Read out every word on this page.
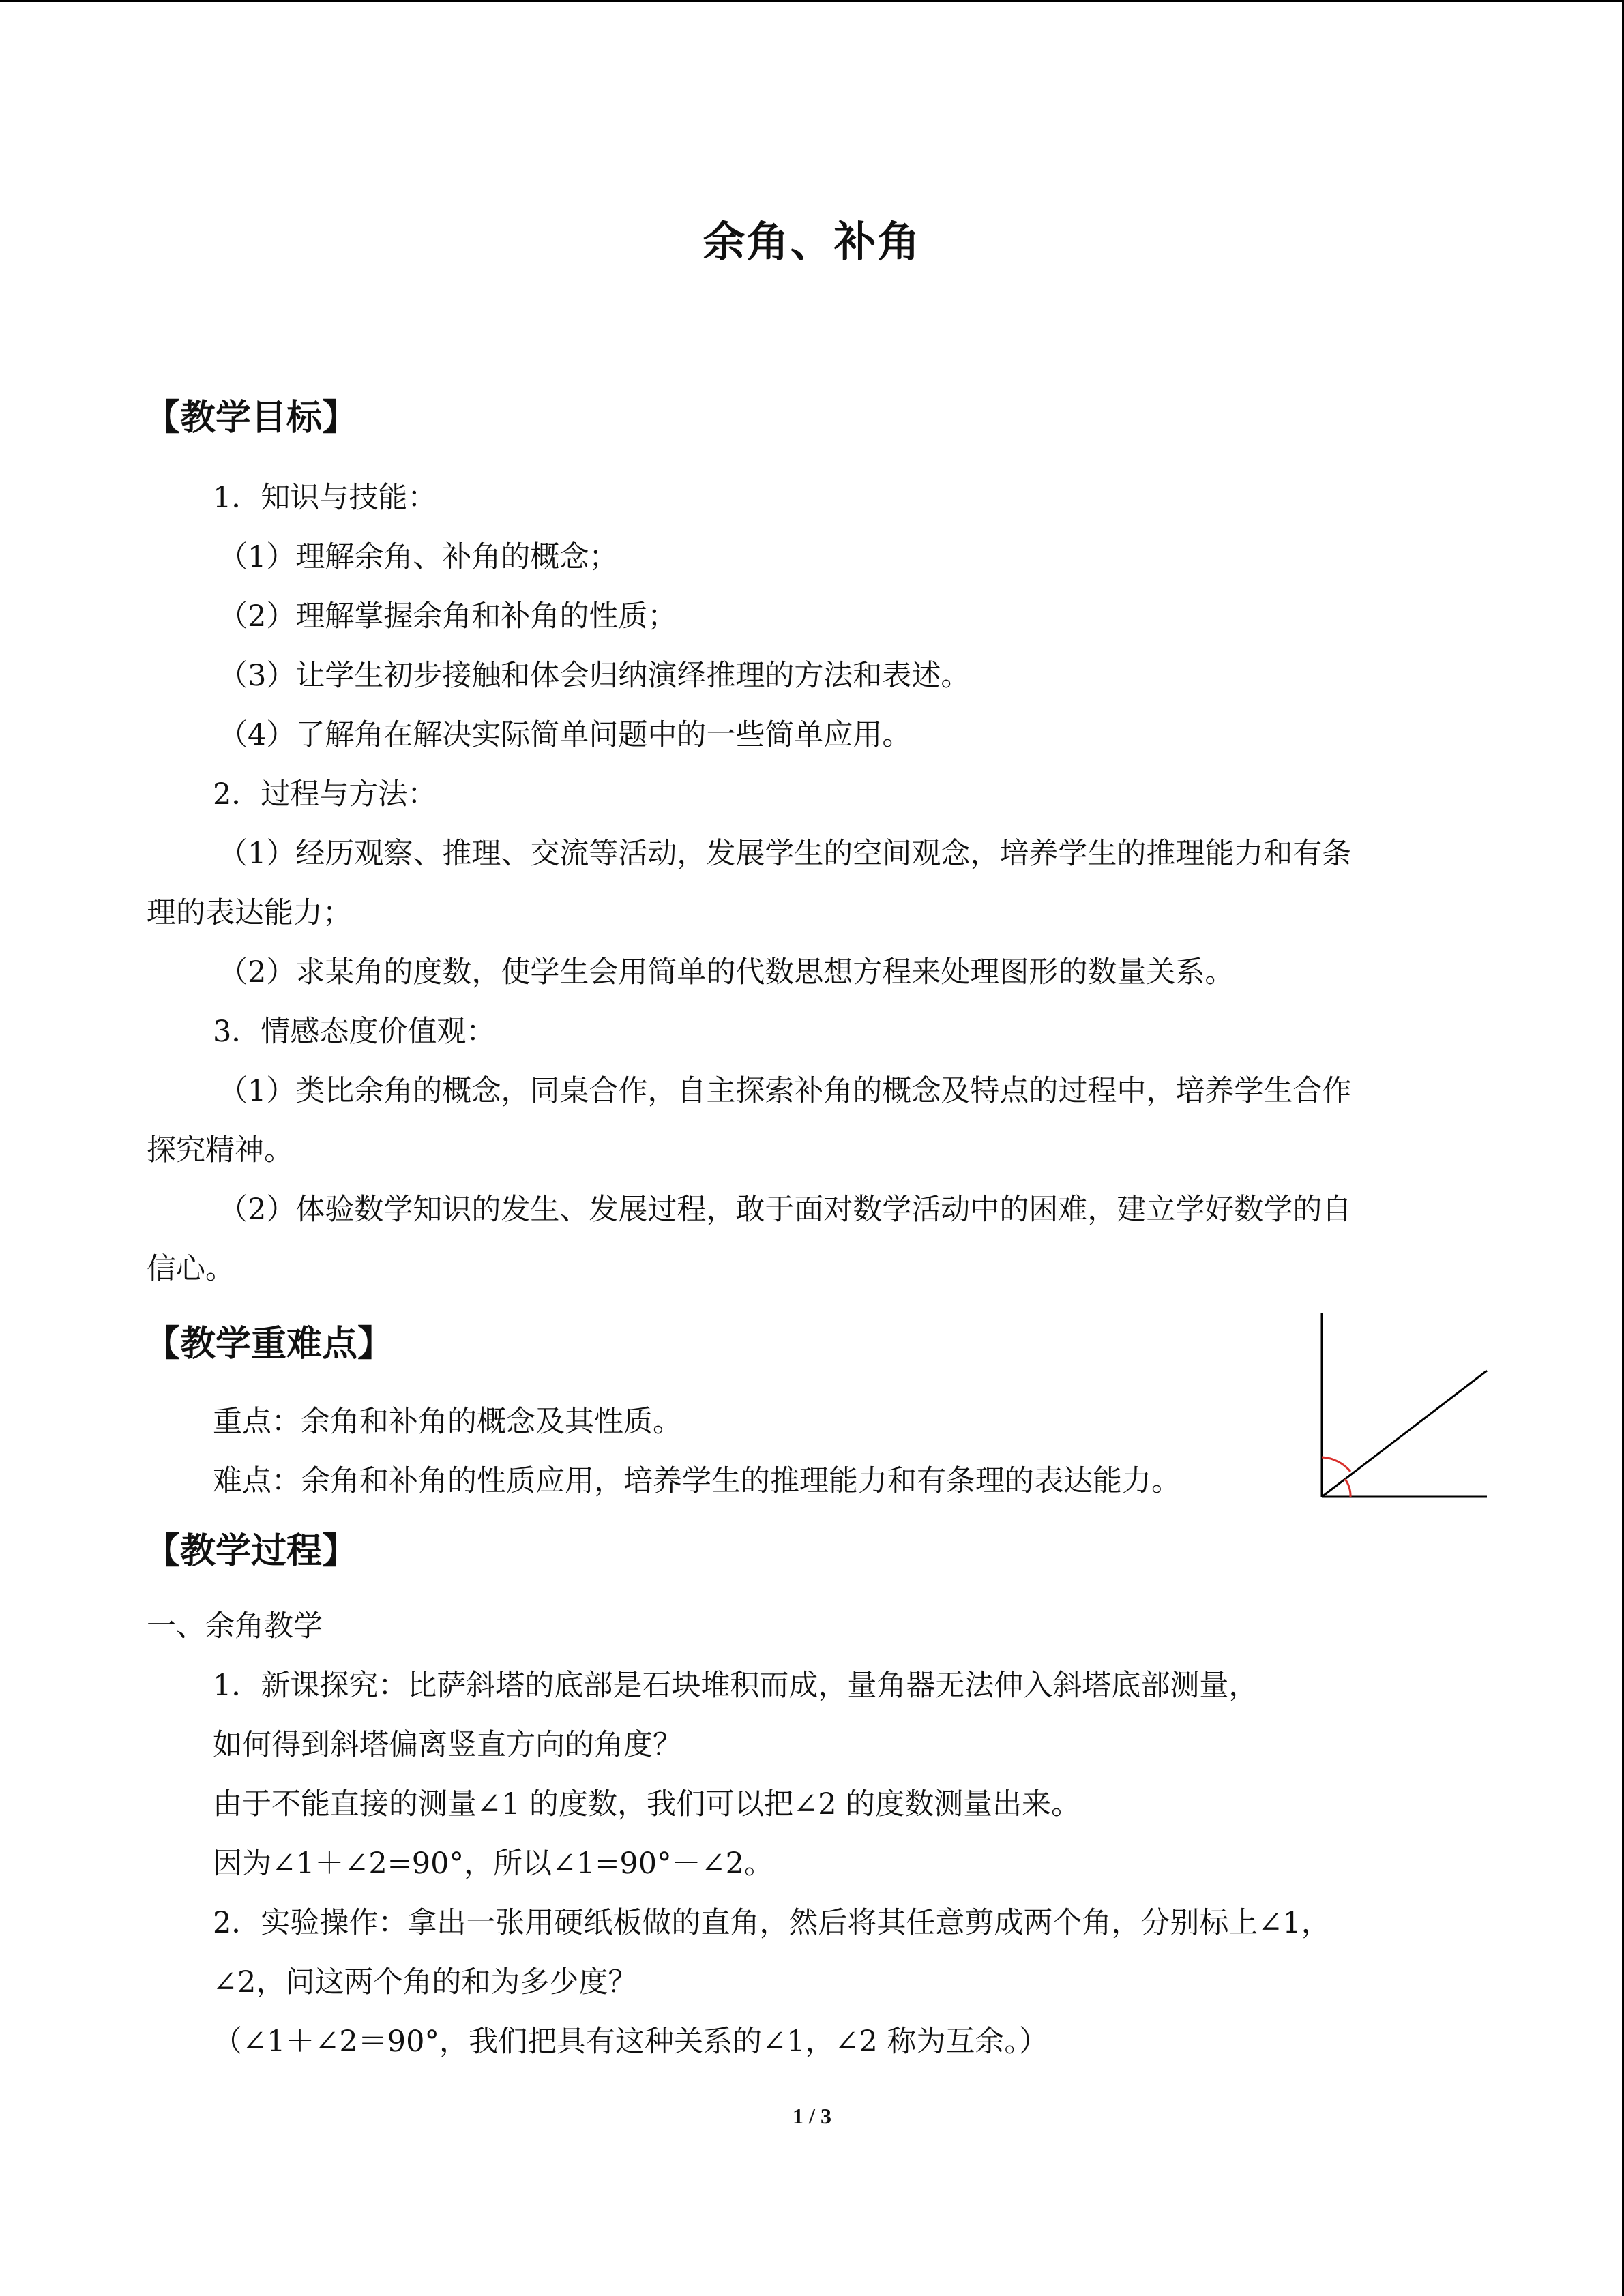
余角、补角
【教学目标】
1．知识与技能：
（1）理解余角、补角的概念；
（2）理解掌握余角和补角的性质；
（3）让学生初步接触和体会归纳演绎推理的方法和表述。
（4）了解角在解决实际简单问题中的一些简单应用。
2．过程与方法：
（1）经历观察、推理、交流等活动，发展学生的空间观念，培养学生的推理能力和有条
理的表达能力；
（2）求某角的度数，使学生会用简单的代数思想方程来处理图形的数量关系。
3．情感态度价值观：
（1）类比余角的概念，同桌合作，自主探索补角的概念及特点的过程中，培养学生合作
探究精神。
（2）体验数学知识的发生、发展过程，敢于面对数学活动中的困难，建立学好数学的自
信心。
【教学重难点】
重点：余角和补角的概念及其性质。
难点：余角和补角的性质应用，培养学生的推理能力和有条理的表达能力。
【教学过程】
一、余角教学
1．新课探究：比萨斜塔的底部是石块堆积而成，量角器无法伸入斜塔底部测量，
如何得到斜塔偏离竖直方向的角度？
由于不能直接的测量∠1 的度数，我们可以把∠2 的度数测量出来。
因为∠1＋∠2=90°，所以∠1=90°－∠2。
2．实验操作：拿出一张用硬纸板做的直角，然后将其任意剪成两个角，分别标上∠1，
∠2，问这两个角的和为多少度？
（∠1＋∠2＝90°，我们把具有这种关系的∠1，∠2 称为互余。）
1 / 3
